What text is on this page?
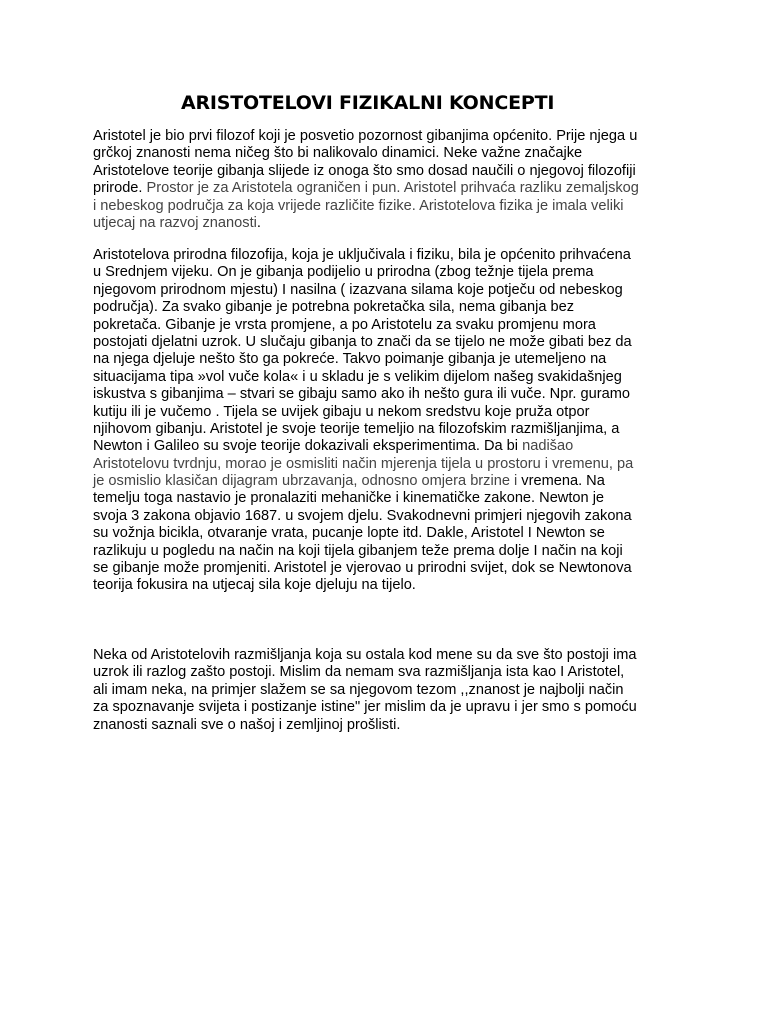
ARISTOTELOVI FIZIKALNI KONCEPTI
Aristotel je bio prvi filozof koji je posvetio pozornost gibanjima općenito. Prije njega u
grčkoj znanosti nema ničeg što bi nalikovalo dinamici. Neke važne značajke
Aristotelove teorije gibanja slijede iz onoga što smo dosad naučili o njegovoj filozofiji
prirode. Prostor je za Aristotela ograničen i pun. Aristotel prihvaća razliku zemaljskog
i nebeskog područja za koja vrijede različite fizike. Aristotelova fizika je imala veliki
utjecaj na razvoj znanosti.
Aristotelova prirodna filozofija, koja je uključivala i fiziku, bila je općenito prihvaćena
u Srednjem vijeku. On je gibanja podijelio u prirodna (zbog težnje tijela prema
njegovom prirodnom mjestu) I nasilna ( izazvana silama koje potječu od nebeskog
područja). Za svako gibanje je potrebna pokretačka sila, nema gibanja bez
pokretača. Gibanje je vrsta promjene, a po Aristotelu za svaku promjenu mora
postojati djelatni uzrok. U slučaju gibanja to znači da se tijelo ne može gibati bez da
na njega djeluje nešto što ga pokreće. Takvo poimanje gibanja je utemeljeno na
situacijama tipa »vol vuče kola« i u skladu je s velikim dijelom našeg svakidašnjeg
iskustva s gibanjima – stvari se gibaju samo ako ih nešto gura ili vuče. Npr. guramo
kutiju ili je vučemo . Tijela se uvijek gibaju u nekom sredstvu koje pruža otpor
njihovom gibanju. Aristotel je svoje teorije temeljio na filozofskim razmišljanjima, a
Newton i Galileo su svoje teorije dokazivali eksperimentima. Da bi nadišao
Aristotelovu tvrdnju, morao je osmisliti način mjerenja tijela u prostoru i vremenu, pa
je osmislio klasičan dijagram ubrzavanja, odnosno omjera brzine i vremena. Na
temelju toga nastavio je pronalaziti mehaničke i kinematičke zakone. Newton je
svoja 3 zakona objavio 1687. u svojem djelu. Svakodnevni primjeri njegovih zakona
su vožnja bicikla, otvaranje vrata, pucanje lopte itd. Dakle, Aristotel I Newton se
razlikuju u pogledu na način na koji tijela gibanjem teže prema dolje I način na koji
se gibanje može promjeniti. Aristotel je vjerovao u prirodni svijet, dok se Newtonova
teorija fokusira na utjecaj sila koje djeluju na tijelo.
Neka od Aristotelovih razmišljanja koja su ostala kod mene su da sve što postoji ima
uzrok ili razlog zašto postoji. Mislim da nemam sva razmišljanja ista kao I Aristotel,
ali imam neka, na primjer slažem se sa njegovom tezom ,,znanost je najbolji način
za spoznavanje svijeta i postizanje istine" jer mislim da je upravu i jer smo s pomoću
znanosti saznali sve o našoj i zemljinoj prošlisti.
